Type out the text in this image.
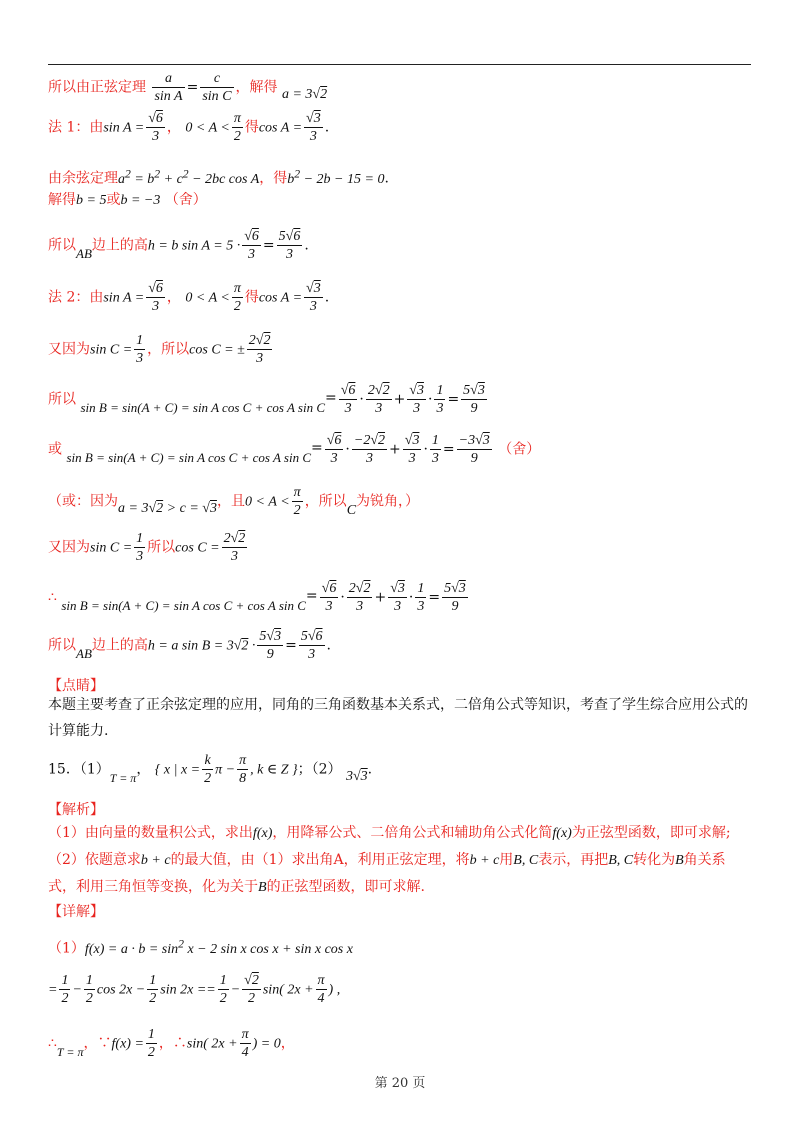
所以由正弦定理 $\frac{a}{\text{sin A}} = \frac{c}{\text{sin C}}$ ，解得 a = 3√2
法 1：由$\sin A = \frac{√6}{3}$ ， $0 < A < \frac{\pi}{2}$ 得$\cos A = \frac{√3}{3}$ .
由余弦定理$a^2 = b^2 + c^2 - 2bc$ cos A，得$b^2 - 2b - 15 = 0$.
解得b = 5或b = −3 （舍）
所以AB边上的高h = b $\sin A = 5 \cdot \frac{√6}{3} = \frac{5√6}{3}$ .
法 2：由$\sin A = \frac{√6}{3}$ ， $0 < A < \frac{\pi}{2}$ 得$\cos A = \frac{√3}{3}$ .
又因为$\sin C = \frac{1}{3}$ ，所以cos C = ± $\frac{2√2}{3}$
所以 sin B = sin(A + C) = sin A cos C + cos A $\sin C= \frac{√6}{3} \cdot \frac{2√2}{3} + \frac{√3}{3} \cdot \frac{1}{3} = \frac{5√3}{9}$
或 sin B = sin(A + C) = sin A cos C + cos A $\sin C= \frac{√6}{3} \cdot \frac{-2√2}{3} + \frac{√3}{3} \cdot \frac{1}{3} = \frac{-3√3}{9}$ （舍）
（或：因为a = 3√2 > c = √3，且$0 < A < \frac{\pi}{2}$ ，所以C为锐角，）
又因为$\sin C = \frac{1}{3}$ 所以$\cos C = \frac{2√2}{3}$
∴ sin B = sin(A + C) = sin A cos C + cos A $\sin C= \frac{√6}{3} \cdot \frac{2√2}{3} + \frac{√3}{3} \cdot \frac{1}{3} = \frac{5√3}{9}$
所以AB边上的高h = a $\sin B = 3√2 \cdot \frac{5√3}{9} = \frac{5√6}{3}$ .
【点睛】
本题主要考查了正余弦定理的应用，同角的三角函数基本关系式，二倍角公式等知识，考查了学生综合应用公式的计算能力.
15．（1）T = π， { x | $x = \frac{k}{2}$ $\pi - \frac{\pi}{8}$ , k ∈ Z }；（2） 3√3.
【解析】
（1）由向量的数量积公式，求出f(x)，用降幂公式、二倍角公式和辅助角公式化简f(x)为正弦型函数，即可求解;
（2）依题意求b + c的最大值，由（1）求出角A，利用正弦定理，将b + c用B, C表示，再把B, C转化为B角关系式，利用三角恒等变换，化为关于B的正弦型函数，即可求解.
【详解】
$(1)f(x) = a \cdot b = \sin^2 x - 2$ sin x cos x + sin x cos x
= $\frac{1}{2} - \frac{1}{2}$ $\cos 2x - \frac{1}{2}$ $\sin 2x == \frac{1}{2} - \frac{√2}{2} \sin$( $2x + \frac{\pi}{4}$ ) ,
∴T = π，∵f(x) = $\frac{1}{2}$ ，∴sin( $2x + \frac{\pi}{4}$ ) = 0，
第 20 页
